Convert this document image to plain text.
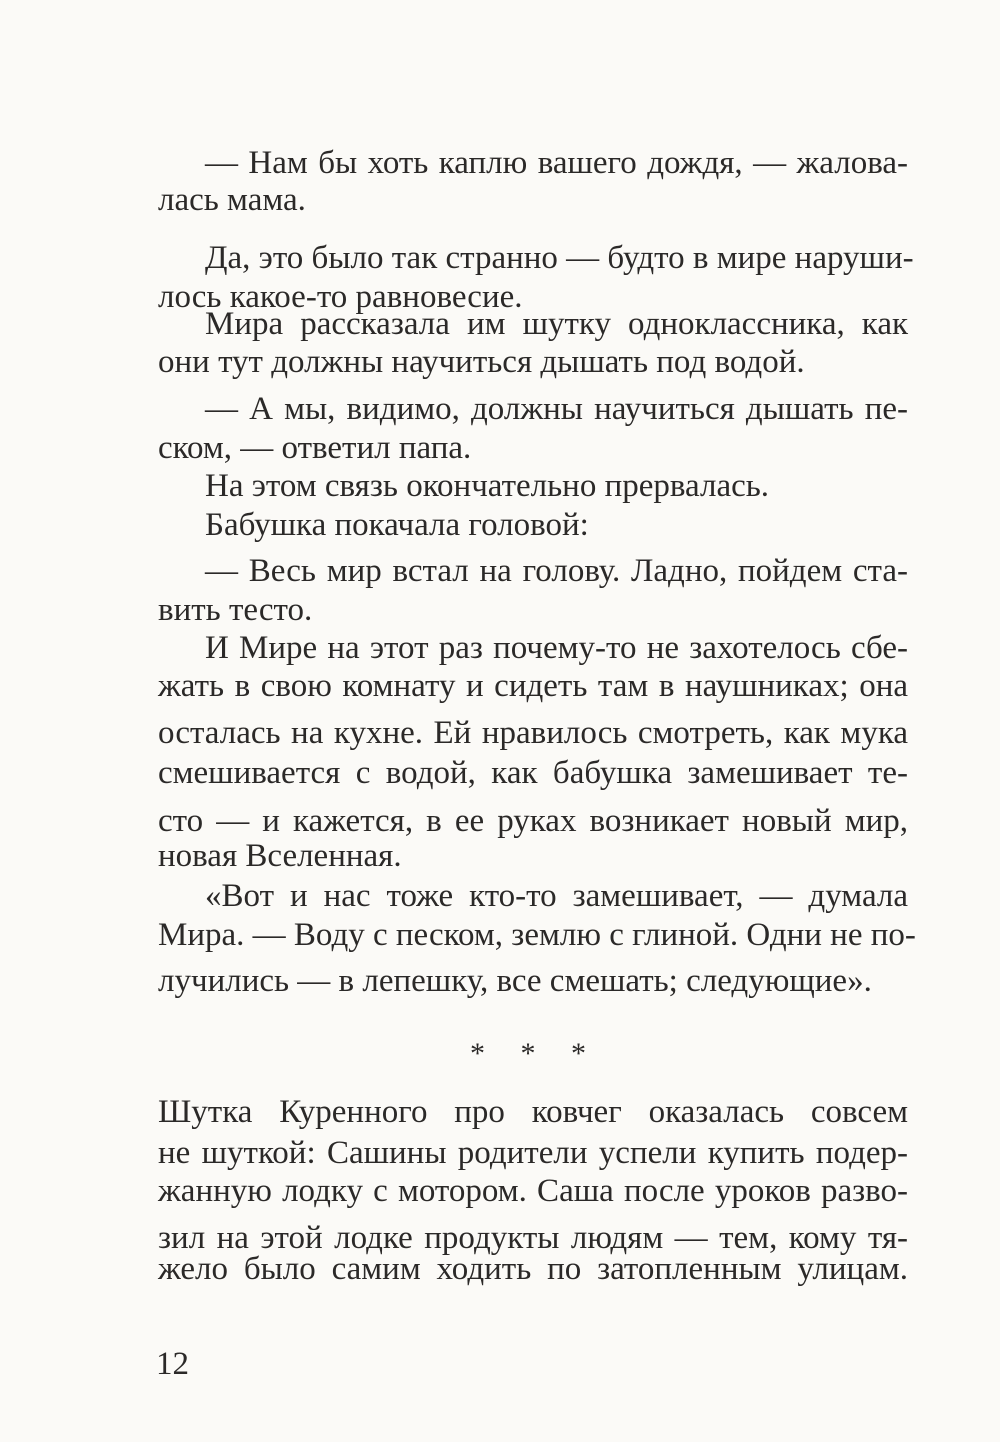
— Нам бы хоть каплю вашего дождя, — жалова-
лась мама.
Да, это было так странно — будто в мире наруши-
лось какое-то равновесие.
Мира рассказала им шутку одноклассника, как
они тут должны научиться дышать под водой.
— А мы, видимо, должны научиться дышать пе-
ском, — ответил папа.
На этом связь окончательно прервалась.
Бабушка покачала головой:
— Весь мир встал на голову. Ладно, пойдем ста-
вить тесто.
И Мире на этот раз почему-то не захотелось сбе-
жать в свою комнату и сидеть там в наушниках; она
осталась на кухне. Ей нравилось смотреть, как мука
смешивается с водой, как бабушка замешивает те-
сто — и кажется, в ее руках возникает новый мир,
новая Вселенная.
«Вот и нас тоже кто-то замешивает, — думала
Мира. — Воду с песком, землю с глиной. Одни не по-
лучились — в лепешку, все смешать; следующие».
* * *
Шутка Куренного про ковчег оказалась совсем
не шуткой: Сашины родители успели купить подер-
жанную лодку с мотором. Саша после уроков разво-
зил на этой лодке продукты людям — тем, кому тя-
жело было самим ходить по затопленным улицам.
12
